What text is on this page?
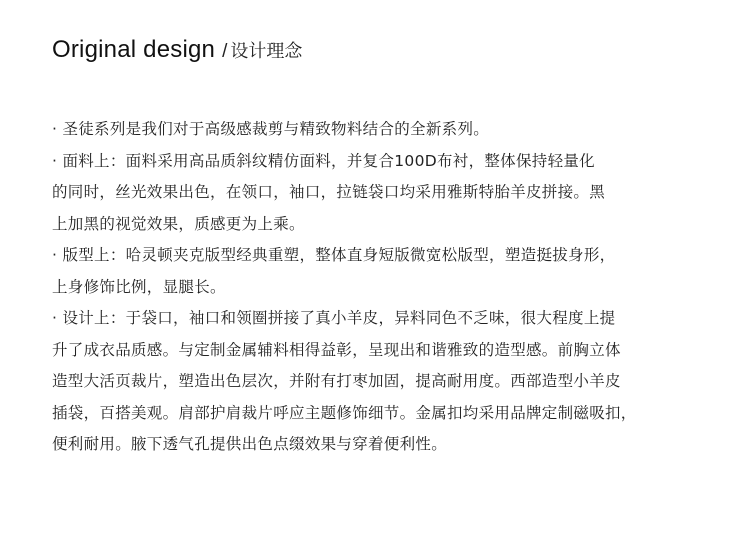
Original design / 设计理念
· 圣徒系列是我们对于高级感裁剪与精致物料结合的全新系列。
· 面料上：面料采用高品质斜纹精仿面料，并复合100D布衬，整体保持轻量化
的同时，丝光效果出色，在领口，袖口，拉链袋口均采用雅斯特胎羊皮拼接。黑
上加黑的视觉效果，质感更为上乘。
· 版型上：哈灵顿夹克版型经典重塑，整体直身短版微宽松版型，塑造挺拔身形，
上身修饰比例，显腿长。
· 设计上：于袋口，袖口和领圈拼接了真小羊皮，异料同色不乏味，很大程度上提
升了成衣品质感。与定制金属辅料相得益彰，呈现出和谐雅致的造型感。前胸立体
造型大活页裁片，塑造出色层次，并附有打枣加固，提高耐用度。西部造型小羊皮
插袋，百搭美观。肩部护肩裁片呼应主题修饰细节。金属扣均采用品牌定制磁吸扣，
便利耐用。腋下透气孔提供出色点缀效果与穿着便利性。
